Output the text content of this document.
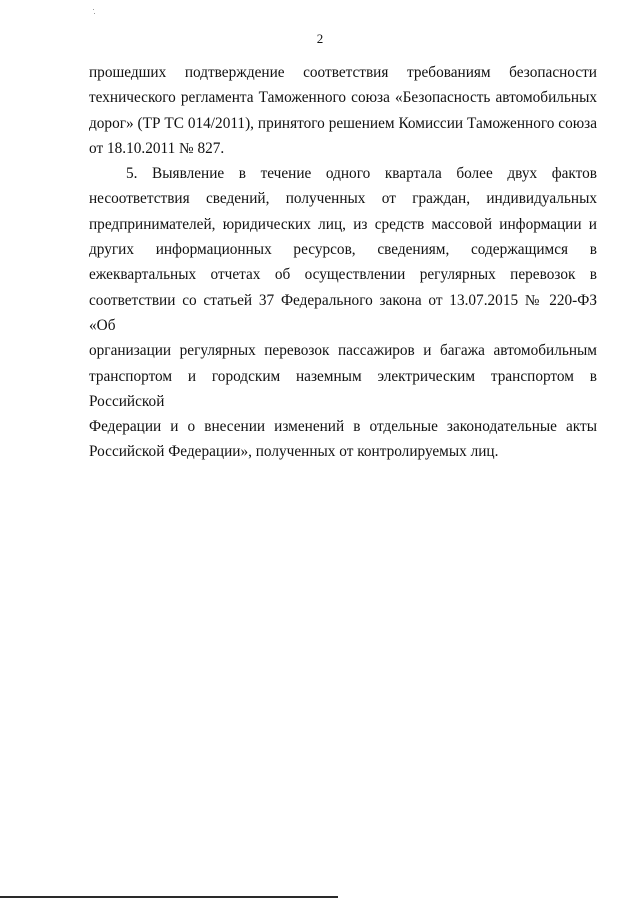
2
прошедших подтверждение соответствия требованиям безопасности
технического регламента Таможенного союза «Безопасность автомобильных
дорог» (ТР ТС 014/2011), принятого решением Комиссии Таможенного союза
от 18.10.2011 № 827.
5. Выявление в течение одного квартала более двух фактов
несоответствия сведений, полученных от граждан, индивидуальных
предпринимателей, юридических лиц, из средств массовой информации и
других информационных ресурсов, сведениям, содержащимся в
ежеквартальных отчетах об осуществлении регулярных перевозок в
соответствии со статьей 37 Федерального закона от 13.07.2015 № 220-ФЗ «Об
организации регулярных перевозок пассажиров и багажа автомобильным
транспортом и городским наземным электрическим транспортом в Российской
Федерации и о внесении изменений в отдельные законодательные акты
Российской Федерации», полученных от контролируемых лиц.
